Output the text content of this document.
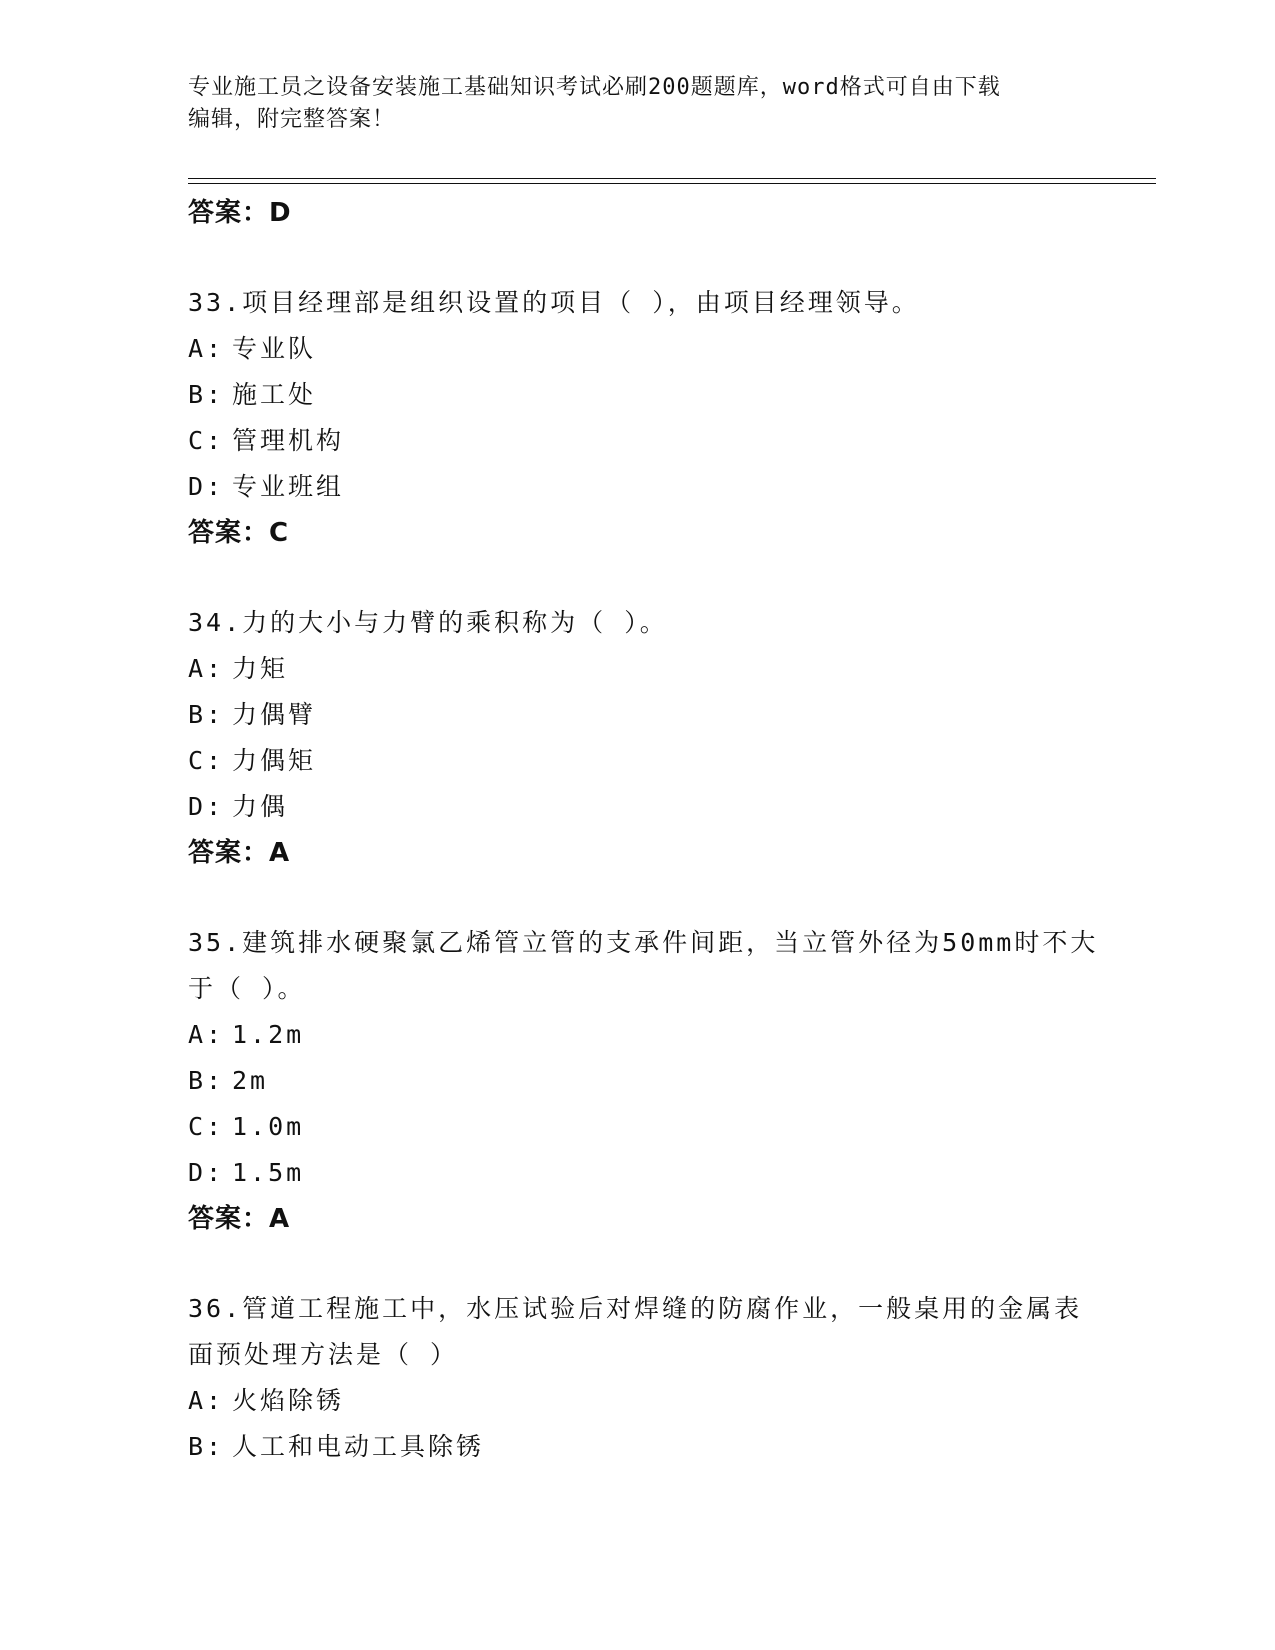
专业施工员之设备安装施工基础知识考试必刷200题题库，word格式可自由下载
编辑，附完整答案！
答案：D
33.项目经理部是组织设置的项目（ ），由项目经理领导。
A: 专业队
B: 施工处
C: 管理机构
D: 专业班组
答案：C
34.力的大小与力臂的乘积称为（ ）。
A: 力矩
B: 力偶臂
C: 力偶矩
D: 力偶
答案：A
35.建筑排水硬聚氯乙烯管立管的支承件间距，当立管外径为50mm时不大于（ ）。
A: 1.2m
B: 2m
C: 1.0m
D: 1.5m
答案：A
36.管道工程施工中，水压试验后对焊缝的防腐作业，一般桌用的金属表面预处理方法是（ ）
A: 火焰除锈
B: 人工和电动工具除锈
